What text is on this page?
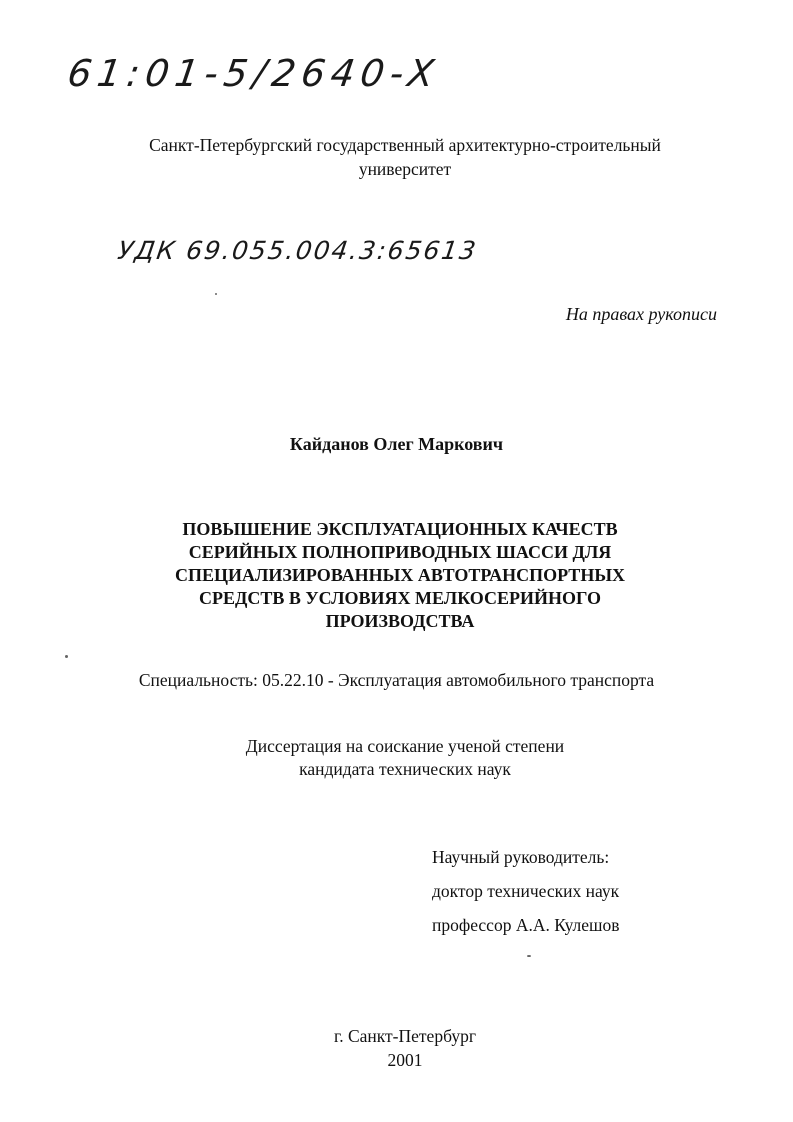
61:01-5/2640-X
Санкт-Петербургский государственный архитектурно-строительный
университет
УДК 69.055.004.3:65613
На правах рукописи
Кайданов Олег Маркович
ПОВЫШЕНИЕ ЭКСПЛУАТАЦИОННЫХ КАЧЕСТВ
СЕРИЙНЫХ ПОЛНОПРИВОДНЫХ ШАССИ ДЛЯ
СПЕЦИАЛИЗИРОВАННЫХ АВТОТРАНСПОРТНЫХ
СРЕДСТВ В УСЛОВИЯХ МЕЛКОСЕРИЙНОГО
ПРОИЗВОДСТВА
Специальность: 05.22.10 - Эксплуатация автомобильного транспорта
Диссертация на соискание ученой степени
кандидата технических наук
Научный руководитель:
доктор технических наук
профессор А.А. Кулешов
г. Санкт-Петербург
2001
